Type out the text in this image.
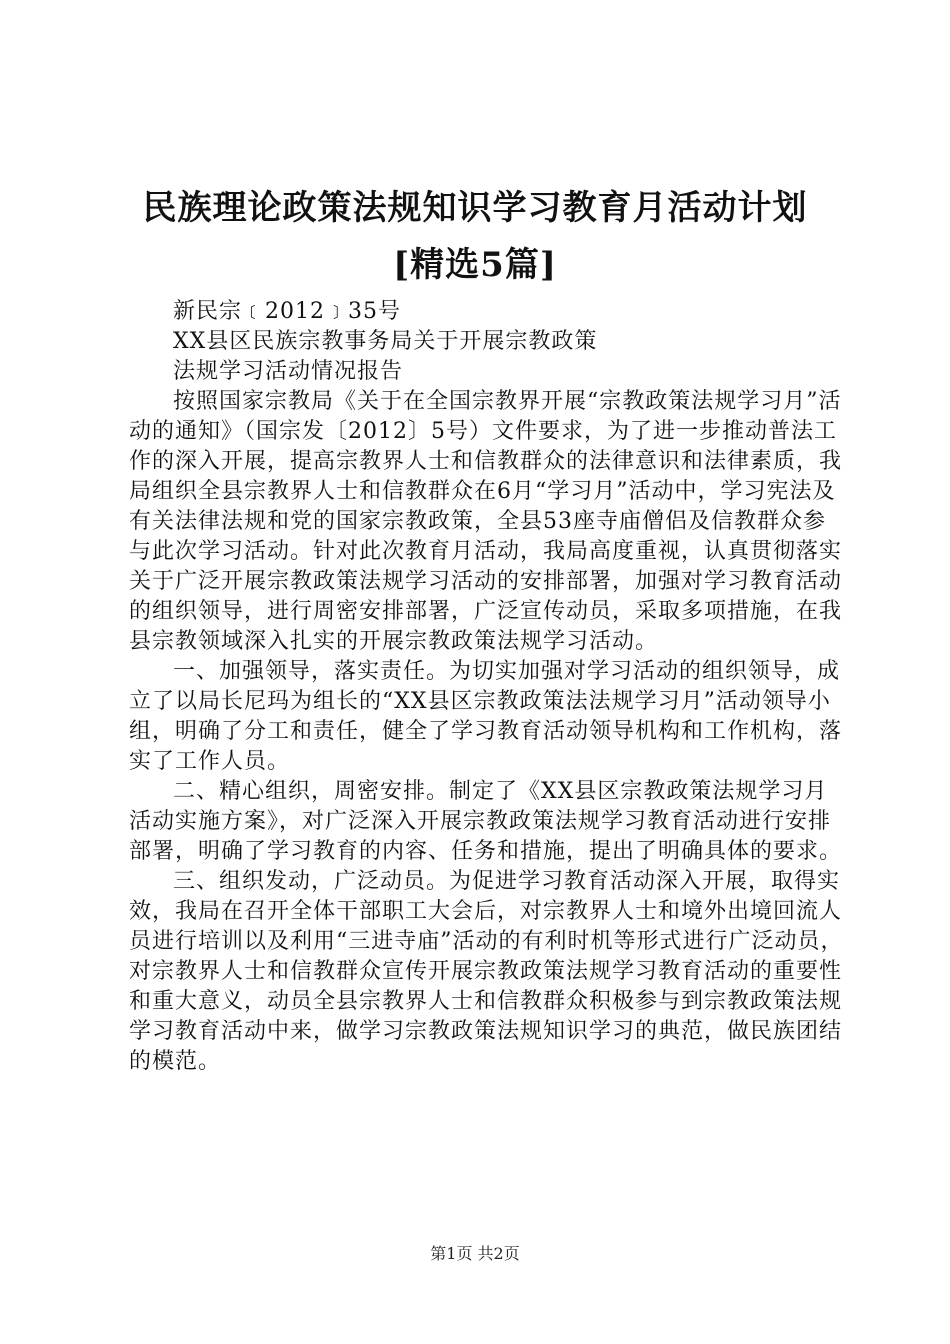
民族理论政策法规知识学习教育月活动计划
[精选5篇]

新民宗﹝2012﹞35号

XX县区民族宗教事务局关于开展宗教政策

法规学习活动情况报告

按照国家宗教局《关于在全国宗教界开展“宗教政策法规学习月”活动的通知》（国宗发〔2012〕5号）文件要求，为了进一步推动普法工作的深入开展，提高宗教界人士和信教群众的法律意识和法律素质，我局组织全县宗教界人士和信教群众在6月“学习月”活动中，学习宪法及有关法律法规和党的国家宗教政策，全县53座寺庙僧侣及信教群众参与此次学习活动。针对此次教育月活动，我局高度重视，认真贯彻落实关于广泛开展宗教政策法规学习活动的安排部署，加强对学习教育活动的组织领导，进行周密安排部署，广泛宣传动员，采取多项措施，在我县宗教领域深入扎实的开展宗教政策法规学习活动。

一、加强领导，落实责任。为切实加强对学习活动的组织领导，成立了以局长尼玛为组长的“XX县区宗教政策法法规学习月”活动领导小组，明确了分工和责任，健全了学习教育活动领导机构和工作机构，落实了工作人员。

二、精心组织，周密安排。制定了《XX县区宗教政策法规学习月活动实施方案》，对广泛深入开展宗教政策法规学习教育活动进行安排部署，明确了学习教育的内容、任务和措施，提出了明确具体的要求。

三、组织发动，广泛动员。为促进学习教育活动深入开展，取得实效，我局在召开全体干部职工大会后，对宗教界人士和境外出境回流人员进行培训以及利用“三进寺庙”活动的有利时机等形式进行广泛动员，对宗教界人士和信教群众宣传开展宗教政策法规学习教育活动的重要性和重大意义，动员全县宗教界人士和信教群众积极参与到宗教政策法规学习教育活动中来，做学习宗教政策法规知识学习的典范，做民族团结的模范。

第1页 共2页
